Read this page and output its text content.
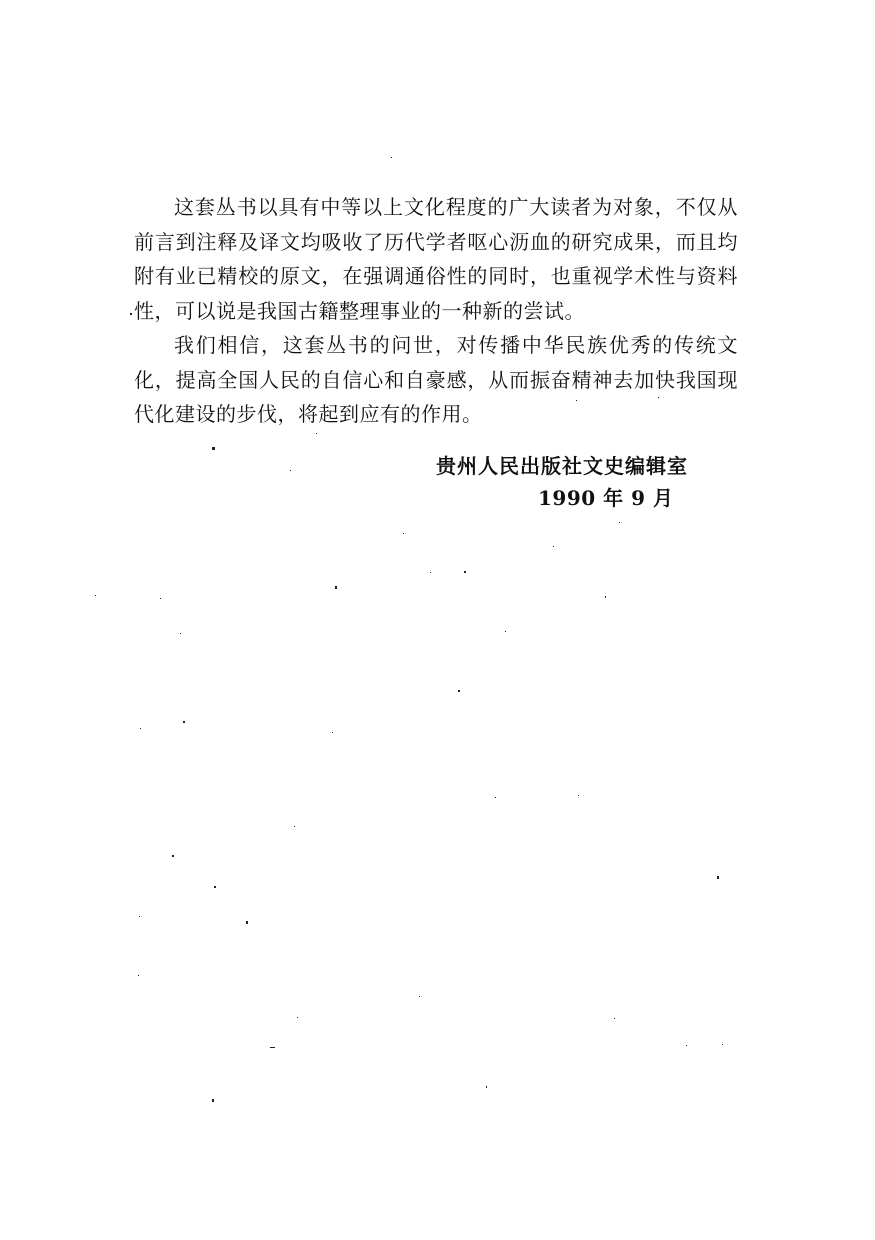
这套丛书以具有中等以上文化程度的广大读者为对象，不仅从前言到注释及译文均吸收了历代学者呕心沥血的研究成果，而且均附有业已精校的原文，在强调通俗性的同时，也重视学术性与资料性，可以说是我国古籍整理事业的一种新的尝试。

我们相信，这套丛书的问世，对传播中华民族优秀的传统文化，提高全国人民的自信心和自豪感，从而振奋精神去加快我国现代化建设的步伐，将起到应有的作用。

贵州人民出版社文史编辑室
1990 年 9 月
